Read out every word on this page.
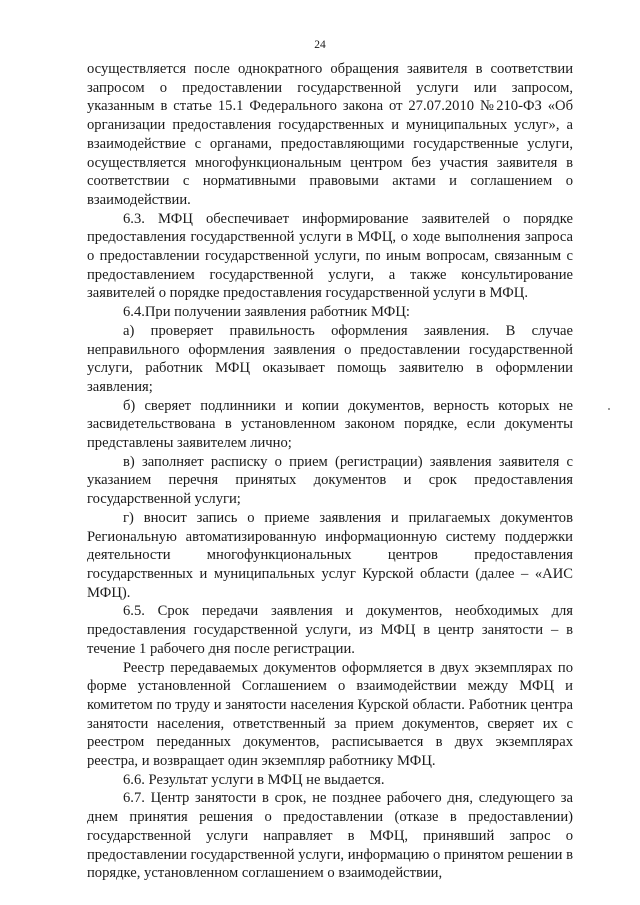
24

осуществляется после однократного обращения заявителя в соответствии запросом о предоставлении государственной услуги или запросом, указанным в статье 15.1 Федерального закона от 27.07.2010 №210-ФЗ «Об организации предоставления государственных и муниципальных услуг», а взаимодействие с органами, предоставляющими государственные услуги, осуществляется многофункциональным центром без участия заявителя в соответствии с нормативными правовыми актами и соглашением о взаимодействии.

6.3. МФЦ обеспечивает информирование заявителей о порядке предоставления государственной услуги в МФЦ, о ходе выполнения запроса о предоставлении государственной услуги, по иным вопросам, связанным с предоставлением государственной услуги, а также консультирование заявителей о порядке предоставления государственной услуги в МФЦ.

6.4.При получении заявления работник МФЦ:

а) проверяет правильность оформления заявления. В случае неправильного оформления заявления о предоставлении государственной услуги, работник МФЦ оказывает помощь заявителю в оформлении заявления;

б) сверяет подлинники и копии документов, верность которых не засвидетельствована в установленном законом порядке, если документы представлены заявителем лично;

в) заполняет расписку о прием (регистрации) заявления заявителя с указанием перечня принятых документов и срок предоставления государственной услуги;

г) вносит запись о приеме заявления и прилагаемых документов Региональную автоматизированную информационную систему поддержки деятельности многофункциональных центров предоставления государственных и муниципальных услуг Курской области (далее – «АИС МФЦ).

6.5. Срок передачи заявления и документов, необходимых для предоставления государственной услуги, из МФЦ в центр занятости – в течение 1 рабочего дня после регистрации.

Реестр передаваемых документов оформляется в двух экземплярах по форме установленной Соглашением о взаимодействии между МФЦ и комитетом по труду и занятости населения Курской области. Работник центра занятости населения, ответственный за прием документов, сверяет их с реестром переданных документов, расписывается в двух экземплярах реестра, и возвращает один экземпляр работнику МФЦ.

6.6. Результат услуги в МФЦ не выдается.

6.7. Центр занятости в срок, не позднее рабочего дня, следующего за днем принятия решения о предоставлении (отказе в предоставлении) государственной услуги направляет в МФЦ, принявший запрос о предоставлении государственной услуги, информацию о принятом решении в порядке, установленном соглашением о взаимодействии,
